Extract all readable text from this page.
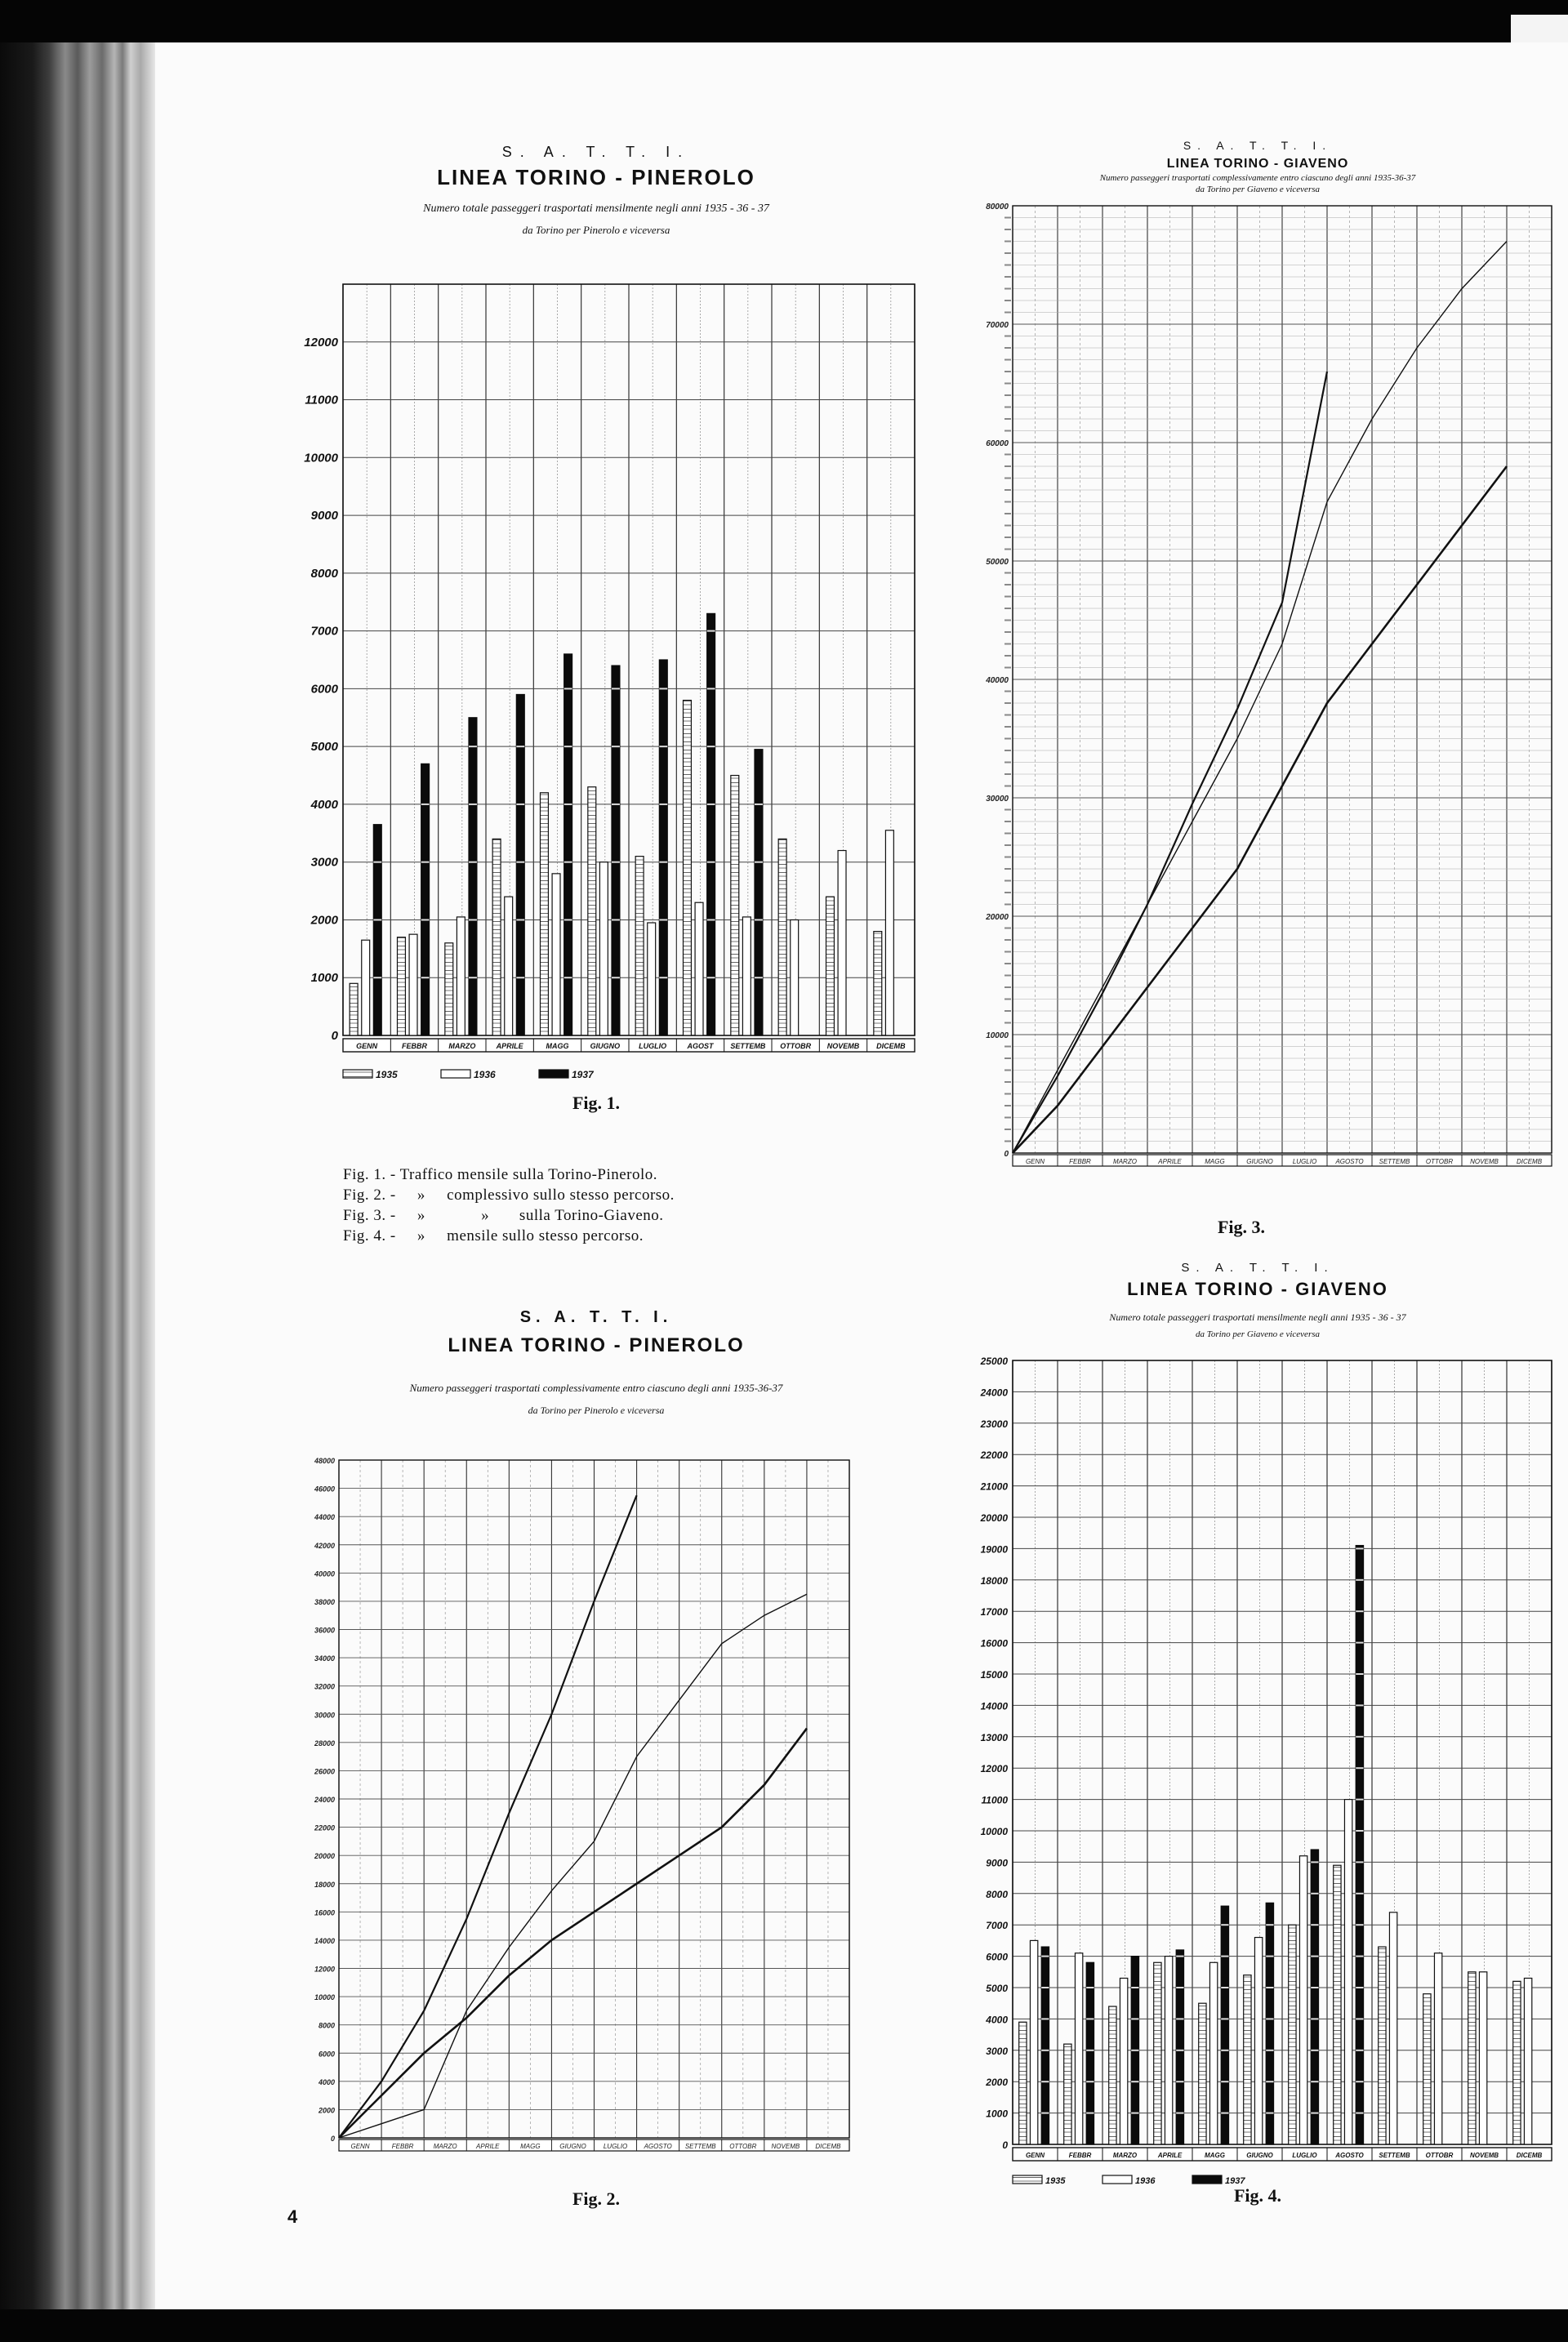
S. A. T. T. I.
LINEA TORINO - PINEROLO
Numero totale passeggeri trasportati mensilmente negli anni 1935 - 36 - 37
da Torino per Pinerolo e viceversa
0
1000
2000
3000
4000
5000
6000
7000
8000
9000
10000
11000
12000
GENN	FEBBR	MARZO	APRILE	MAGG	GIUGNO	LUGLIO	AGOST SETTEMB OTTOBR NOVEMB DICEMB
1935	1936	1937
Fig. 1.
S. A. T. T. I.
LINEA TORINO - GIAVENO
Numero passeggeri trasportati complessivamente entro ciascuno degli anni 1935-36-37
da Torino per Giaveno e viceversa
0
10000
20000
30000
40000
50000
60000
70000
80000
GENN	FEBBR	MARZO	APRILE	MAGG	GIUGNO	LUGLIO	AGOSTO SETTEMB OTTOBR	NOVEMB	DICEMB
Fig. 3.
Fig. 1. - Traffico mensile sulla Torino-Pinerolo.
Fig. 2. -     »     complessivo sullo stesso percorso.
Fig. 3. -     »             »       sulla Torino-Giaveno.
Fig. 4. -     »     mensile sullo stesso percorso.
S. A. T. T. I.
LINEA TORINO - PINEROLO
Numero passeggeri trasportati complessivamente entro ciascuno degli anni 1935-36-37
da Torino per Pinerolo e viceversa
0
2000
4000
6000
8000
10000
12000
14000
16000
18000
20000
22000
24000
26000
28000
30000
32000
34000
36000
38000
40000
42000
44000
46000
48000
GENN	FEBBR	MARZO	APRILE	MAGG	GIUGNO	LUGLIO	AGOSTO SETTEMB OTTOBR NOVEMB DICEMB
Fig. 2.
LINEA TORINO - GIAVENO
S. A. T. T. I.
Numero totale passeggeri trasportati mensilmente negli anni 1935 - 36 - 37
da Torino per Giaveno e viceversa
0
1000
2000
3000
4000
5000
6000
7000
8000
9000
10000
11000
12000
13000
14000
15000
16000
17000
18000
19000
20000
21000
22000
23000
24000
25000
GENN	FEBBR	MARZO	APRILE	MAGG	GIUGNO	LUGLIO	AGOSTO SETTEMB OTTOBR	NOVEMB	DICEMB
1935	1936	1937
Fig. 4.
4
